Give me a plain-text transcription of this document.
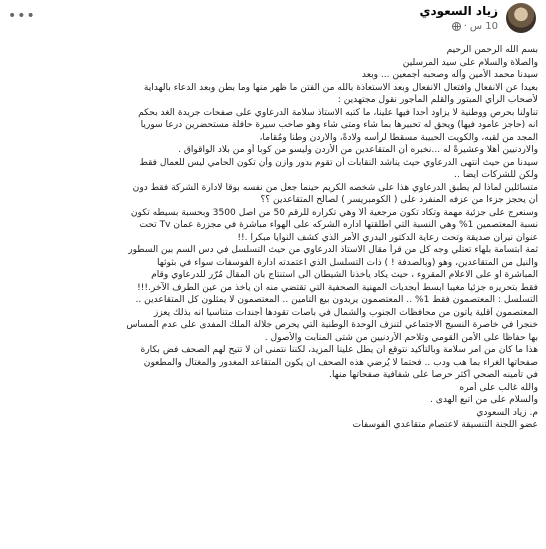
زياد السعودي
10 س
·
•••

بسم الله الرحمن الرحيم

والصلاة والسلام على سيد المرسلين

سيدنا محمد الأمين وآله وصحبه أجمعين ... وبعد

بعيدا عن الانفعال وافتعال الانفعال وبعد الاستعاذة بالله من الفتن ما ظهر منها وما بطن وبعد الدعاء بالهداية

لأصحاب الرأي المبتور والقلم المأجور نقول مجتهدين :

تناولنا بحرص ووطنية لا يزاود أحدا فيها علينا، ما كتبه الاستاذ سلامة الدرعاوي على صفحات جريدة الغد بحكم

انه (حاجز عامود فيها) ويحق له تحبيرها بما شاء ومتى شاء وهو صاحب سيرة حافلة مستحضرين درعا سوريا

المجد من لقبه، والكويت الحبيبة مسقطا لرأسه ولادةً، والاردن وطنا ومُقاما،

والاردنيين أهلا وعشيرةً له ...نخبره أن المتقاعدين من الأردن وليسو من كوبا أو من بلاد الواقواق .

سيدنا من حيث انتهى الدرعاوي حيث يناشد النقابات أن تقوم بدور وازن وأن تكون الحامي ليس للعمال فقط

ولكن للشركات ايضا ..

متسائلين لماذا لم يطبق الدرعاوي هذا على شخصه الكريم حينما جعل من نفسه بوقا لادارة الشركة فقط دون

أن يحجز جزءا من عزفه المنفرد على ( الكومبريسر ) لصالح المتقاعدين ؟؟

وسنعرج على جزئية مهمة وتكاد تكون مرجعية ألا وهي تكراره للرقم 50 من اصل 3500 وبحسبة بسيطه تكون

نسبة المعتصمين 1% وهي النسبة التي اطلقتها اداره الشركه على الهواء مباشرة في مجزرة عمان Tv تحت

عنوان نيران صديقة وتحت رعاية الدكتور البدري الأمر الذي كشف النوايا مبكرا .!!

ثمة ابتسامة بلهاء تعتلي وجه كل من قرأ مقال الاستاذ الدرعاوي من حيث التسلسل في دس السم بين السطور

والنيل من المتقاعدين، وهو (وبالصدفة ! ) ذات التسلسل الذي اعتمدته ادارة الفوسفات سواء في بثوثها

المباشرة او على الاعلام المقروء ، حيث يكاد يأخذنا الشيطان الى استنتاج بان المقال مُرّر للدرعاوي وقام

فقط بتحريره جزئيا مغيبا ابسط أبجديات المهنية الصحفية التي تقتضي منه ان يأخذ من عين الطرف الآخر.!!!

التسلسل : المعتصمون فقط 1% .. المعتصمون يريدون بيع التامين .. المعتصمون لا يمثلون كل المتقاعدين ..

المعتصمون أقلية يأتون من محافظات الجنوب والشمال في باصات تقودها أجندات متناسيا انه بذلك يعزز

خنجرا في خاصرة النسيج الاجتماعي لتنزف الوحدة الوطنية التي يحرص جلالة الملك المفدى على عدم المساس

بها حفاظا على الأمن القومي وتلاحم الأردنيين من شتى المنابت والأصول .

هذا ما كان من امر سلامة وبالتأكيد نتوقع ان يطل علينا المزيد، لكننا نتمنى ان لا تتيح لهم الصحف فض بكارة

صفحاتها الغراء بما هب ودب .. فحتما لا يُرضي هذه الصحف ان يكون المتقاعد المغدور والمغتال والمطعون

في تأمينه الصحي أكثر حرصا على شفافية صفحاتها منها.

والله غالب على أمره

والسلام على من اتبع الهدى .

م. زياد السعودي

عضو اللجنة التنسيقة لاعتصام متقاعدي الفوسفات
